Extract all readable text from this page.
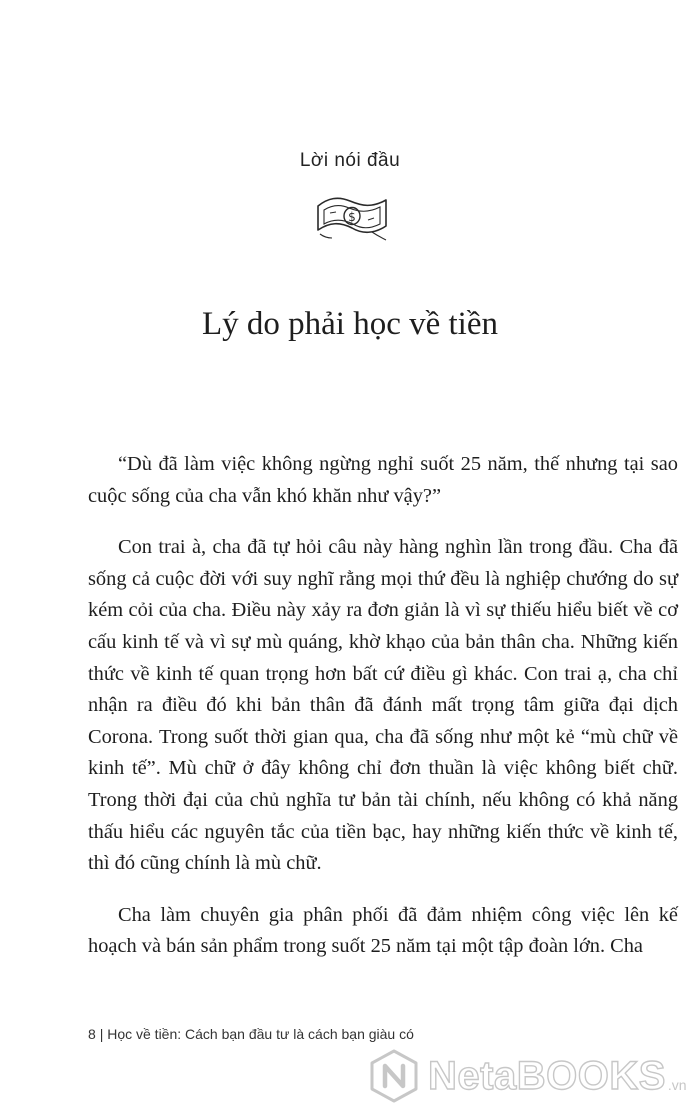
Lời nói đầu
$
Lý do phải học về tiền

“Dù đã làm việc không ngừng nghỉ suốt 25 năm, thế nhưng tại sao cuộc sống của cha vẫn khó khăn như vậy?”

Con trai à, cha đã tự hỏi câu này hàng nghìn lần trong đầu. Cha đã sống cả cuộc đời với suy nghĩ rằng mọi thứ đều là nghiệp chướng do sự kém cỏi của cha. Điều này xảy ra đơn giản là vì sự thiếu hiểu biết về cơ cấu kinh tế và vì sự mù quáng, khờ khạo của bản thân cha. Những kiến thức về kinh tế quan trọng hơn bất cứ điều gì khác. Con trai ạ, cha chỉ nhận ra điều đó khi bản thân đã đánh mất trọng tâm giữa đại dịch Corona. Trong suốt thời gian qua, cha đã sống như một kẻ “mù chữ về kinh tế”. Mù chữ ở đây không chỉ đơn thuần là việc không biết chữ. Trong thời đại của chủ nghĩa tư bản tài chính, nếu không có khả năng thấu hiểu các nguyên tắc của tiền bạc, hay những kiến thức về kinh tế, thì đó cũng chính là mù chữ.

Cha làm chuyên gia phân phối đã đảm nhiệm công việc lên kế hoạch và bán sản phẩm trong suốt 25 năm tại một tập đoàn lớn. Cha

8 | Học về tiền: Cách bạn đầu tư là cách bạn giàu có
NetaBOOKS .vn
